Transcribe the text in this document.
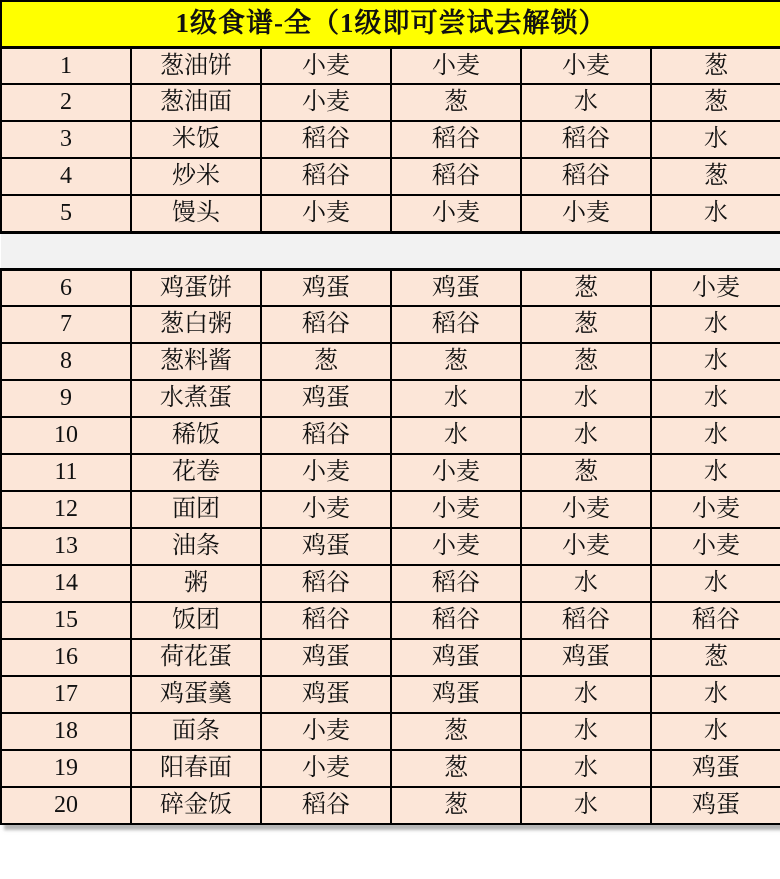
1级食谱-全（1级即可尝试去解锁）					
1	葱油饼	小麦	小麦	小麦	葱
2	葱油面	小麦	葱	水	葱
3	米饭	稻谷	稻谷	稻谷	水
4	炒米	稻谷	稻谷	稻谷	葱
5	馒头	小麦	小麦	小麦	水

6	鸡蛋饼	鸡蛋	鸡蛋	葱	小麦
7	葱白粥	稻谷	稻谷	葱	水
8	葱料酱	葱	葱	葱	水
9	水煮蛋	鸡蛋	水	水	水
10	稀饭	稻谷	水	水	水
11	花卷	小麦	小麦	葱	水
12	面团	小麦	小麦	小麦	小麦
13	油条	鸡蛋	小麦	小麦	小麦
14	粥	稻谷	稻谷	水	水
15	饭团	稻谷	稻谷	稻谷	稻谷
16	荷花蛋	鸡蛋	鸡蛋	鸡蛋	葱
17	鸡蛋羹	鸡蛋	鸡蛋	水	水
18	面条	小麦	葱	水	水
19	阳春面	小麦	葱	水	鸡蛋
20	碎金饭	稻谷	葱	水	鸡蛋
